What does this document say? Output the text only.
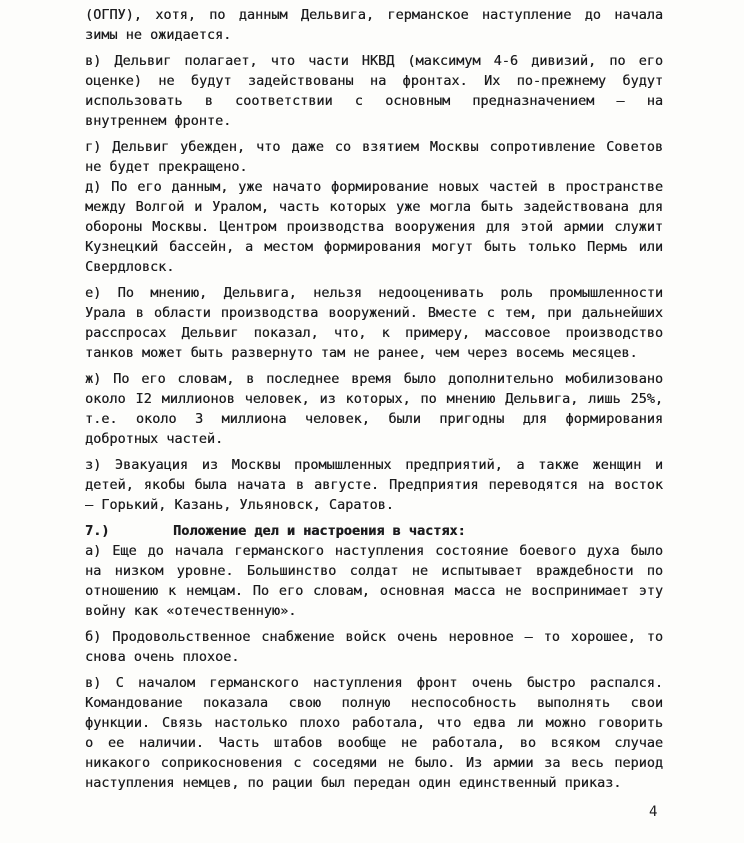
(ОГПУ), хотя, по данным Дельвига, германское наступление до начала
зимы не ожидается.
в) Дельвиг полагает, что части НКВД (максимум 4-6 дивизий, по его
оценке) не будут задействованы на фронтах. Их по-прежнему будут
использовать в соответствии с основным предназначением — на
внутреннем фронте.
г) Дельвиг убежден, что даже со взятием Москвы сопротивление Советов
не будет прекращено.
д) По его данным, уже начато формирование новых частей в пространстве
между Волгой и Уралом, часть которых уже могла быть задействована для
обороны Москвы. Центром производства вооружения для этой армии служит
Кузнецкий бассейн, а местом формирования могут быть только Пермь или
Свердловск.
е) По мнению, Дельвига, нельзя недооценивать роль промышленности
Урала в области производства вооружений. Вместе с тем, при дальнейших
расспросах Дельвиг показал, что, к примеру, массовое производство
танков может быть развернуто там не ранее, чем через восемь месяцев.
ж) По его словам, в последнее время было дополнительно мобилизовано
около I2 миллионов человек, из которых, по мнению Дельвига, лишь 25%,
т.е. около 3 миллиона человек, были пригодны для формирования
добротных частей.
з) Эвакуация из Москвы промышленных предприятий, а также женщин и
детей, якобы была начата в августе. Предприятия переводятся на восток
— Горький, Казань, Ульяновск, Саратов.
7.)	Положение дел и настроения в частях:
а) Еще до начала германского наступления состояние боевого духа было
на низком уровне. Большинство солдат не испытывает враждебности по
отношению к немцам. По его словам, основная масса не воспринимает эту
войну как «отечественную».
б) Продовольственное снабжение войск очень неровное — то хорошее, то
снова очень плохое.
в) С началом германского наступления фронт очень быстро распался.
Командование показала свою полную неспособность выполнять свои
функции. Связь настолько плохо работала, что едва ли можно говорить
о ее наличии. Часть штабов вообще не работала, во всяком случае
никакого соприкосновения с соседями не было. Из армии за весь период
наступления немцев, по рации был передан один единственный приказ.
4
